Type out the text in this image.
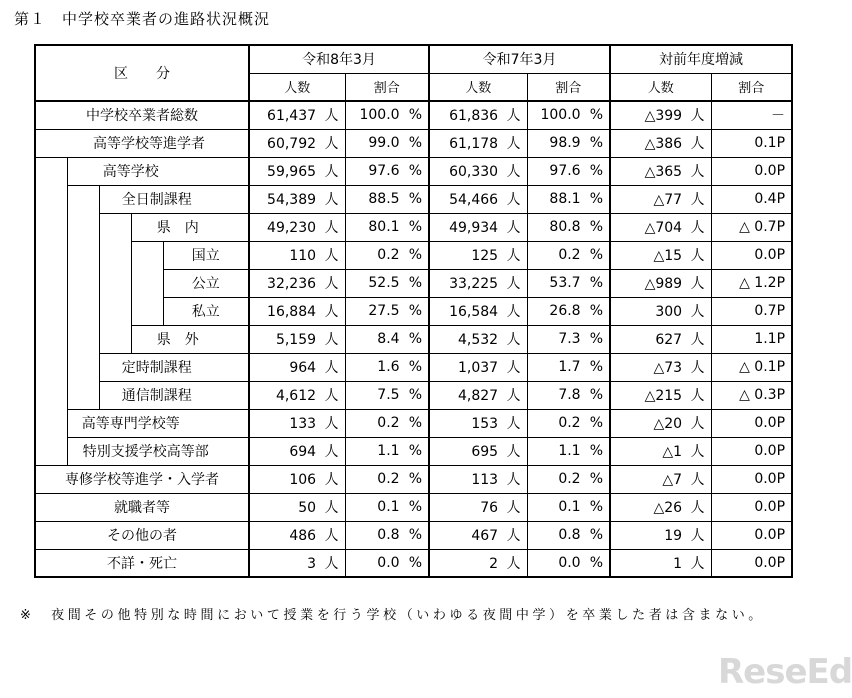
第１　中学校卒業者の進路状況概況
区　　分					令和8年3月		令和7年3月		対前年度増減	
					人数	割合	人数	割合	人数	割合
中学校卒業者総数					61,437 人	100.0 %	61,836 人	100.0 %	△399 人	－
高等学校等進学者					60,792 人	99.0 %	61,178 人	98.9 %	△386 人	0.1P
	高等学校				59,965 人	97.6 %	60,330 人	97.6 %	△365 人	0.0P
		全日制課程			54,389 人	88.5 %	54,466 人	88.1 %	△77 人	0.4P
			県　内		49,230 人	80.1 %	49,934 人	80.8 %	△704 人	△ 0.7P
				国立	110 人	0.2 %	125 人	0.2 %	△15 人	0.0P
				公立	32,236 人	52.5 %	33,225 人	53.7 %	△989 人	△ 1.2P
				私立	16,884 人	27.5 %	16,584 人	26.8 %	300 人	0.7P
			県　外		5,159 人	8.4 %	4,532 人	7.3 %	627 人	1.1P
		定時制課程			964 人	1.6 %	1,037 人	1.7 %	△73 人	△ 0.1P
		通信制課程			4,612 人	7.5 %	4,827 人	7.8 %	△215 人	△ 0.3P
	高等専門学校等				133 人	0.2 %	153 人	0.2 %	△20 人	0.0P
	特別支援学校高等部				694 人	1.1 %	695 人	1.1 %	△1 人	0.0P
専修学校等進学・入学者					106 人	0.2 %	113 人	0.2 %	△7 人	0.0P
就職者等					50 人	0.1 %	76 人	0.1 %	△26 人	0.0P
その他の者					486 人	0.8 %	467 人	0.8 %	19 人	0.0P
不詳・死亡					3 人	0.0 %	2 人	0.0 %	1 人	0.0P
※　夜間その他特別な時間において授業を行う学校（いわゆる夜間中学）を卒業した者は含まない。
ReseEd
